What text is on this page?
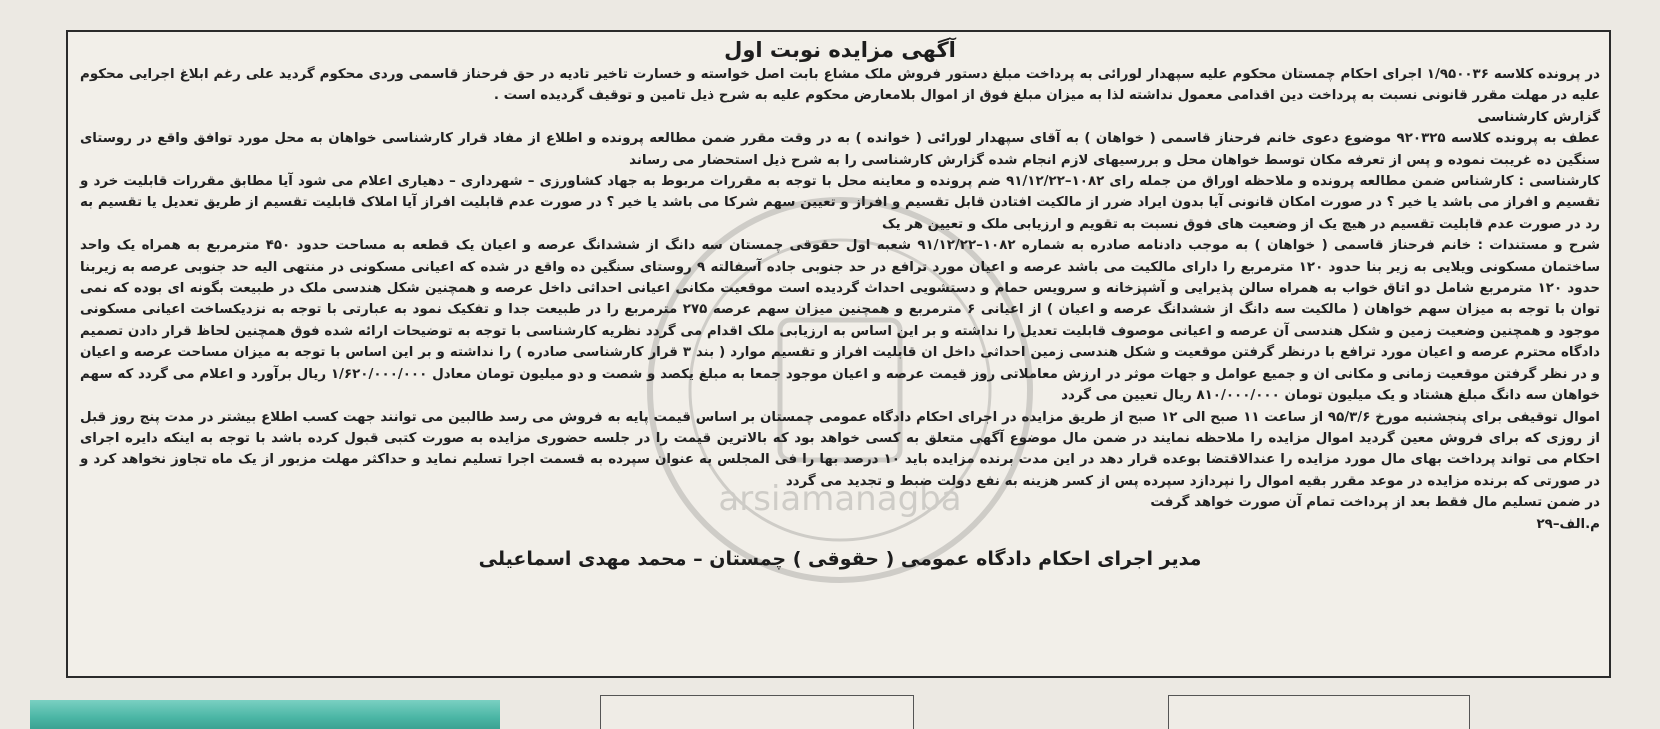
آگهی مزایده نوبت اول

در پرونده کلاسه ۱/۹۵۰۰۳۶ اجرای احکام چمستان محکوم علیه سپهدار لورائی به پرداخت مبلغ دستور فروش ملک مشاع بابت اصل خواسته و خسارت تاخیر تادیه در حق فرحناز قاسمی وردی محکوم گردید علی رغم ابلاغ اجرایی محکوم علیه در مهلت مقرر قانونی نسبت به پرداخت دین اقدامی معمول نداشته لذا به میزان مبلغ فوق از اموال بلامعارض محکوم علیه به شرح ذیل تامین و توقیف گردیده است .

گزارش کارشناسی

عطف به پرونده کلاسه ۹۲۰۳۲۵ موضوع دعوی خانم فرحناز قاسمی ( خواهان ) به آقای سپهدار لورائی ( خوانده ) به در وقت مقرر ضمن مطالعه پرونده و اطلاع از مفاد قرار کارشناسی خواهان به محل مورد توافق واقع در روستای سنگین ده غریبت نموده و پس از تعرفه مکان توسط خواهان محل و بررسیهای لازم انجام شده گزارش کارشناسی را به شرح ذیل استحضار می رساند

کارشناسی : کارشناس ضمن مطالعه پرونده و ملاحظه اوراق من جمله رای ۱۰۸۲–۹۱/۱۲/۲۲ ضم پرونده و معاینه محل با توجه به مقررات مربوط به جهاد کشاورزی – شهرداری – دهیاری اعلام می شود آیا مطابق مقررات قابلیت خرد و تقسیم و افراز می باشد یا خیر ؟ در صورت امکان قانونی آیا بدون ایراد ضرر از مالکیت افتادن قابل تقسیم و افراز و تعیین سهم شرکا می باشد یا خیر ؟ در صورت عدم قابلیت افراز آیا املاک قابلیت تقسیم از طریق تعدیل یا تقسیم به رد در صورت عدم قابلیت تقسیم در هیچ یک از وضعیت های فوق نسبت به تقویم و ارزیابی ملک و تعیین هر یک

شرح و مستندات : خانم فرحناز قاسمی ( خواهان ) به موجب دادنامه صادره به شماره ۱۰۸۲–۹۱/۱۲/۲۲ شعبه اول حقوقی چمستان سه دانگ از ششدانگ عرصه و اعیان یک قطعه به مساحت حدود ۴۵۰ مترمربع به همراه یک واحد ساختمان مسکونی ویلایی به زیر بنا حدود ۱۲۰ مترمربع را دارای مالکیت می باشد عرصه و اعیان مورد ترافع در حد جنوبی جاده آسفالته ۹ روستای سنگین ده واقع در شده که اعیانی مسکونی در منتهی الیه حد جنوبی عرصه به زیربنا حدود ۱۲۰ مترمربع شامل دو اتاق خواب به همراه سالن پذیرایی و آشپزخانه و سرویس حمام و دستشویی احداث گردیده است موقعیت مکانی اعیانی احداثی داخل عرصه و همچنین شکل هندسی ملک در طبیعت بگونه ای بوده که نمی توان با توجه به میزان سهم خواهان ( مالکیت سه دانگ از ششدانگ عرصه و اعیان ) از اعیانی ۶ مترمربع و همچنین میزان سهم عرصه ۲۷۵ مترمربع را در طبیعت جدا و تفکیک نمود به عبارتی با توجه به نزدیکساخت اعیانی مسکونی موجود و همچنین وضعیت زمین و شکل هندسی آن عرصه و اعیانی موصوف قابلیت تعدیل را نداشته و بر این اساس به ارزیابی ملک اقدام می گردد نظریه کارشناسی با توجه به توضیحات ارائه شده فوق همچنین لحاظ قرار دادن تصمیم دادگاه محترم عرصه و اعیان مورد ترافع با درنظر گرفتن موقعیت و شکل هندسی زمین احداثی داخل ان قابلیت افراز و تقسیم موارد ( بند ۳ قرار کارشناسی صادره ) را نداشته و بر این اساس با توجه به میزان مساحت عرصه و اعیان و در نظر گرفتن موقعیت زمانی و مکانی ان و جمیع عوامل و جهات موثر در ارزش معاملاتی روز قیمت عرصه و اعیان موجود جمعا به مبلغ یکصد و شصت و دو میلیون تومان معادل ۱/۶۲۰/۰۰۰/۰۰۰ ریال برآورد و اعلام می گردد که سهم خواهان سه دانگ مبلغ هشتاد و یک میلیون تومان ۸۱۰/۰۰۰/۰۰۰ ریال تعیین می گردد

اموال توقیفی برای پنجشنبه مورخ ۹۵/۳/۶ از ساعت ۱۱ صبح الی ۱۲ صبح از طریق مزایده در اجرای احکام دادگاه عمومی چمستان بر اساس قیمت پایه به فروش می رسد طالبین می توانند جهت کسب اطلاع بیشتر در مدت پنج روز قبل از روزی که برای فروش معین گردید اموال مزایده را ملاحظه نمایند در ضمن مال موضوع آگهی متعلق به کسی خواهد بود که بالاترین قیمت را در جلسه حضوری مزایده به صورت کتبی قبول کرده باشد با توجه به اینکه دایره اجرای احکام می تواند پرداخت بهای مال مورد مزایده را عندالاقتضا بوعده قرار دهد در این مدت برنده مزایده باید ۱۰ درصد بها را فی المجلس به عنوان سپرده به قسمت اجرا تسلیم نماید و حداکثر مهلت مزبور از یک ماه تجاوز نخواهد کرد و در صورتی که برنده مزایده در موعد مقرر بقیه اموال را نپردازد سپرده پس از کسر هزینه به نفع دولت ضبط و تجدید می گردد

در ضمن تسلیم مال فقط بعد از پرداخت تمام آن صورت خواهد گرفت

م.الف–۲۹

مدیر اجرای احکام دادگاه عمومی ( حقوقی ) چمستان – محمد مهدی اسماعیلی
